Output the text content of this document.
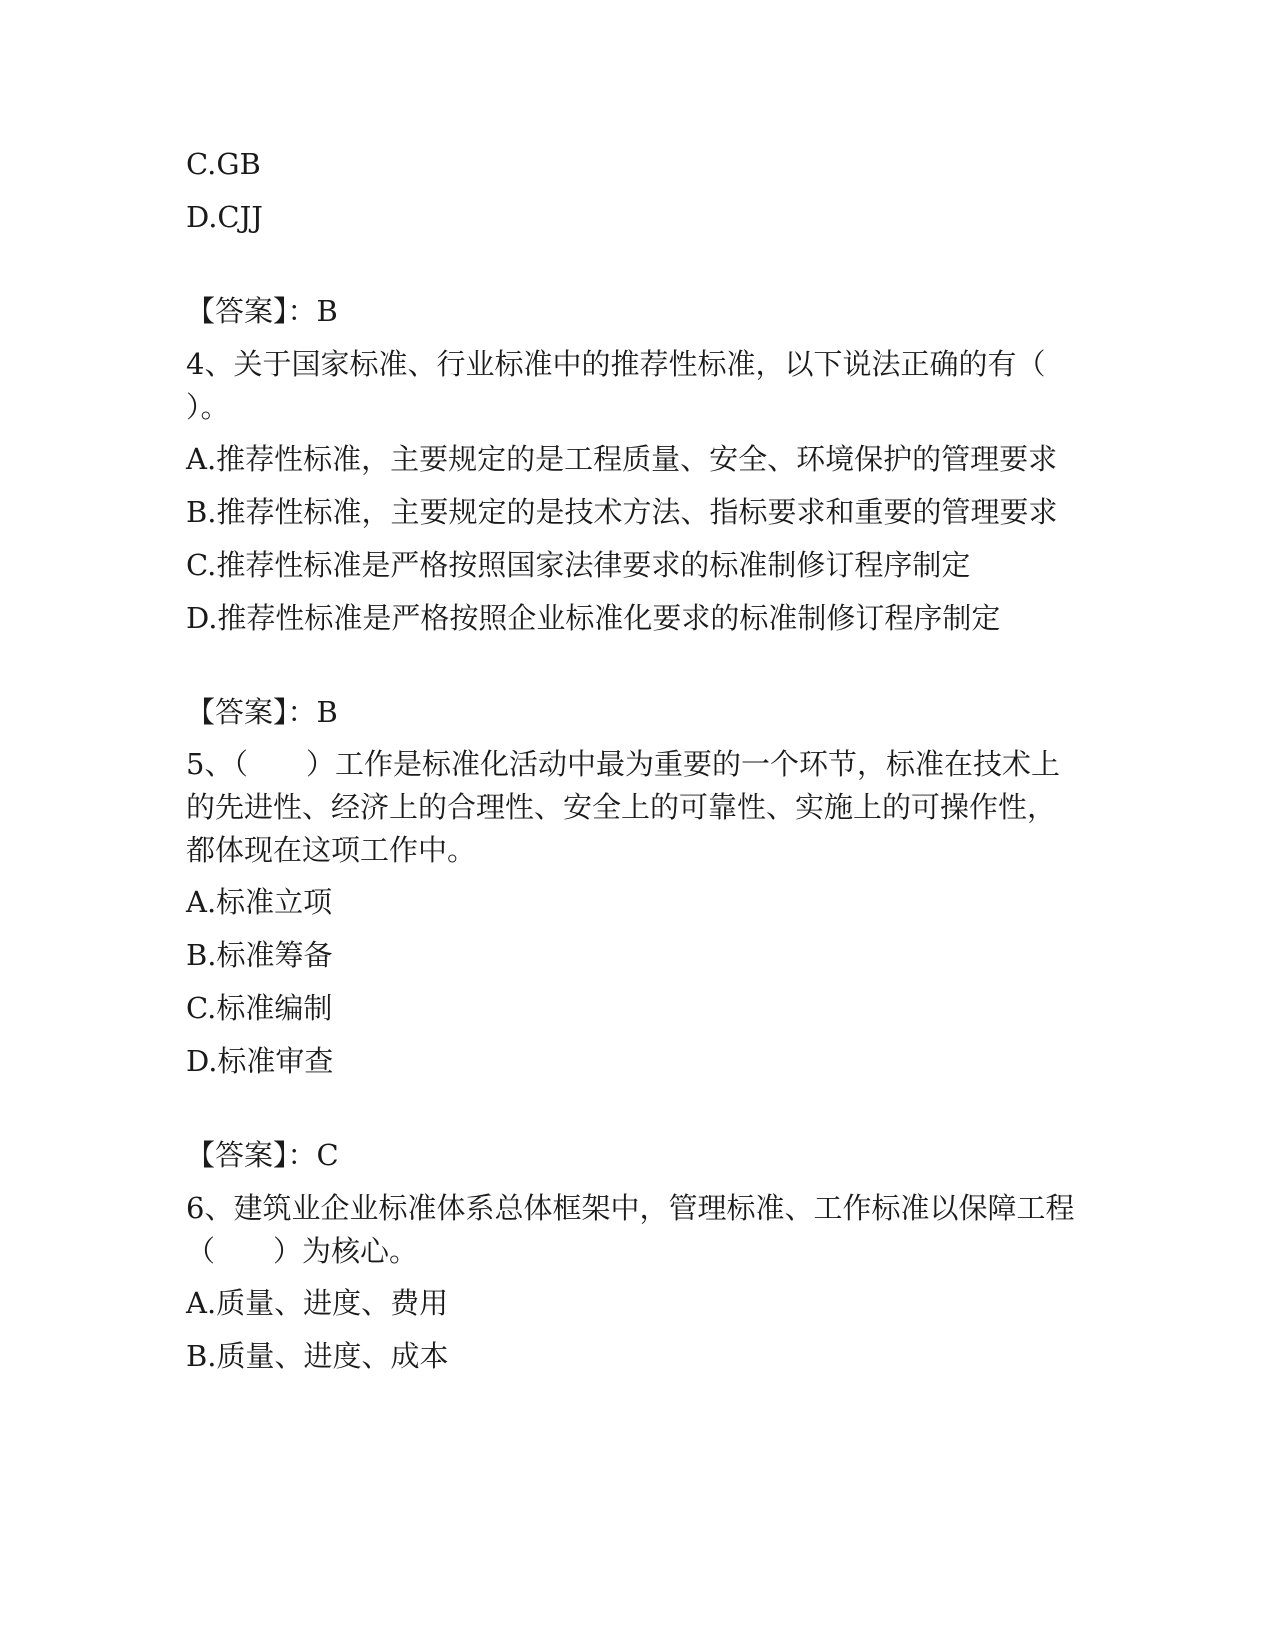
C.GB
D.CJJ
【答案】：B
4、关于国家标准、行业标准中的推荐性标准，以下说法正确的有（
）。
A.推荐性标准，主要规定的是工程质量、安全、环境保护的管理要求
B.推荐性标准，主要规定的是技术方法、指标要求和重要的管理要求
C.推荐性标准是严格按照国家法律要求的标准制修订程序制定
D.推荐性标准是严格按照企业标准化要求的标准制修订程序制定
【答案】：B
5、（　　）工作是标准化活动中最为重要的一个环节，标准在技术上
的先进性、经济上的合理性、安全上的可靠性、实施上的可操作性，
都体现在这项工作中。
A.标准立项
B.标准筹备
C.标准编制
D.标准审查
【答案】：C
6、建筑业企业标准体系总体框架中，管理标准、工作标准以保障工程
（　　）为核心。
A.质量、进度、费用
B.质量、进度、成本
